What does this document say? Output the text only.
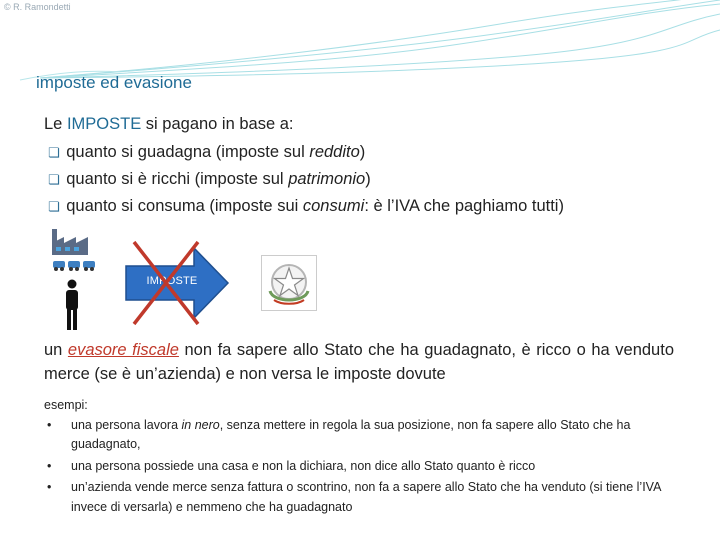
© R. Ramondetti
imposte ed evasione
Le IMPOSTE si pagano in base a:
❏ quanto si guadagna (imposte sul reddito)
❏ quanto si è ricchi (imposte sul patrimonio)
❏ quanto si consuma (imposte sui consumi: è l’IVA che paghiamo tutti)
IMPOSTE
un evasore fiscale non fa sapere allo Stato che ha guadagnato, è ricco o ha venduto merce (se è un’azienda) e non versa le imposte dovute
esempi:
• una persona lavora in nero, senza mettere in regola la sua posizione, non fa sapere allo Stato che ha guadagnato,
• una persona possiede una casa e non la dichiara, non dice allo Stato quanto è ricco
• un’azienda vende merce senza fattura o scontrino, non fa a sapere allo Stato che ha venduto (si tiene l’IVA invece di versarla) e nemmeno che ha guadagnato
